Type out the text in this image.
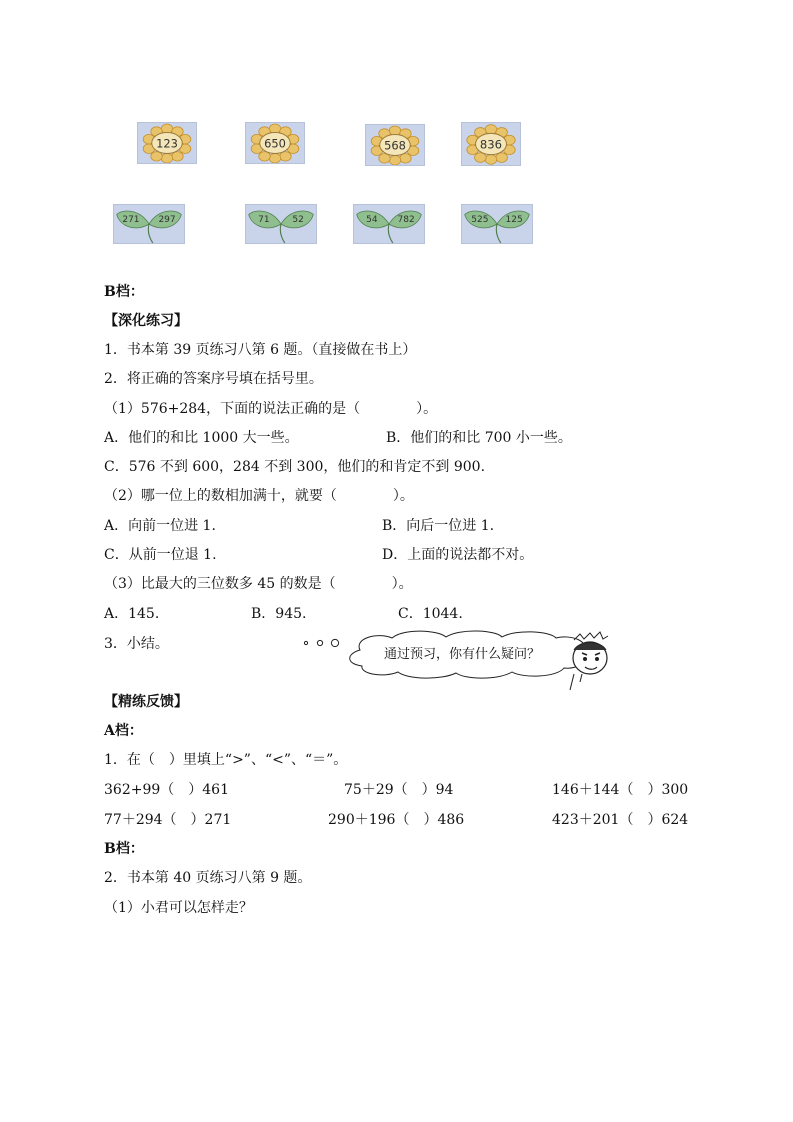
123	650	568	836
271 297	71 52	54 782	525 125
B档：
【深化练习】
1．书本第 39 页练习八第 6 题。（直接做在书上）
2．将正确的答案序号填在括号里。
（1）576+284，下面的说法正确的是（　　　　）。
A．他们的和比 1000 大一些。	B．他们的和比 700 小一些。
C．576 不到 600，284 不到 300，他们的和肯定不到 900.
（2）哪一位上的数相加满十，就要（　　　　）。
A．向前一位进 1.	B．向后一位进 1.
C．从前一位退 1.	D．上面的说法都不对。
（3）比最大的三位数多 45 的数是（　　　　）。
A．145.	B．945.	C．1044.
3．小结。
通过预习，你有什么疑问？
【精练反馈】
A档：
1．在（　）里填上“>”、“<”、“＝”。
362+99（　）461	75＋29（　）94	146＋144（　）300
77＋294（　）271	290＋196（　）486	423＋201（　）624
B档：
2．书本第 40 页练习八第 9 题。
（1）小君可以怎样走？
